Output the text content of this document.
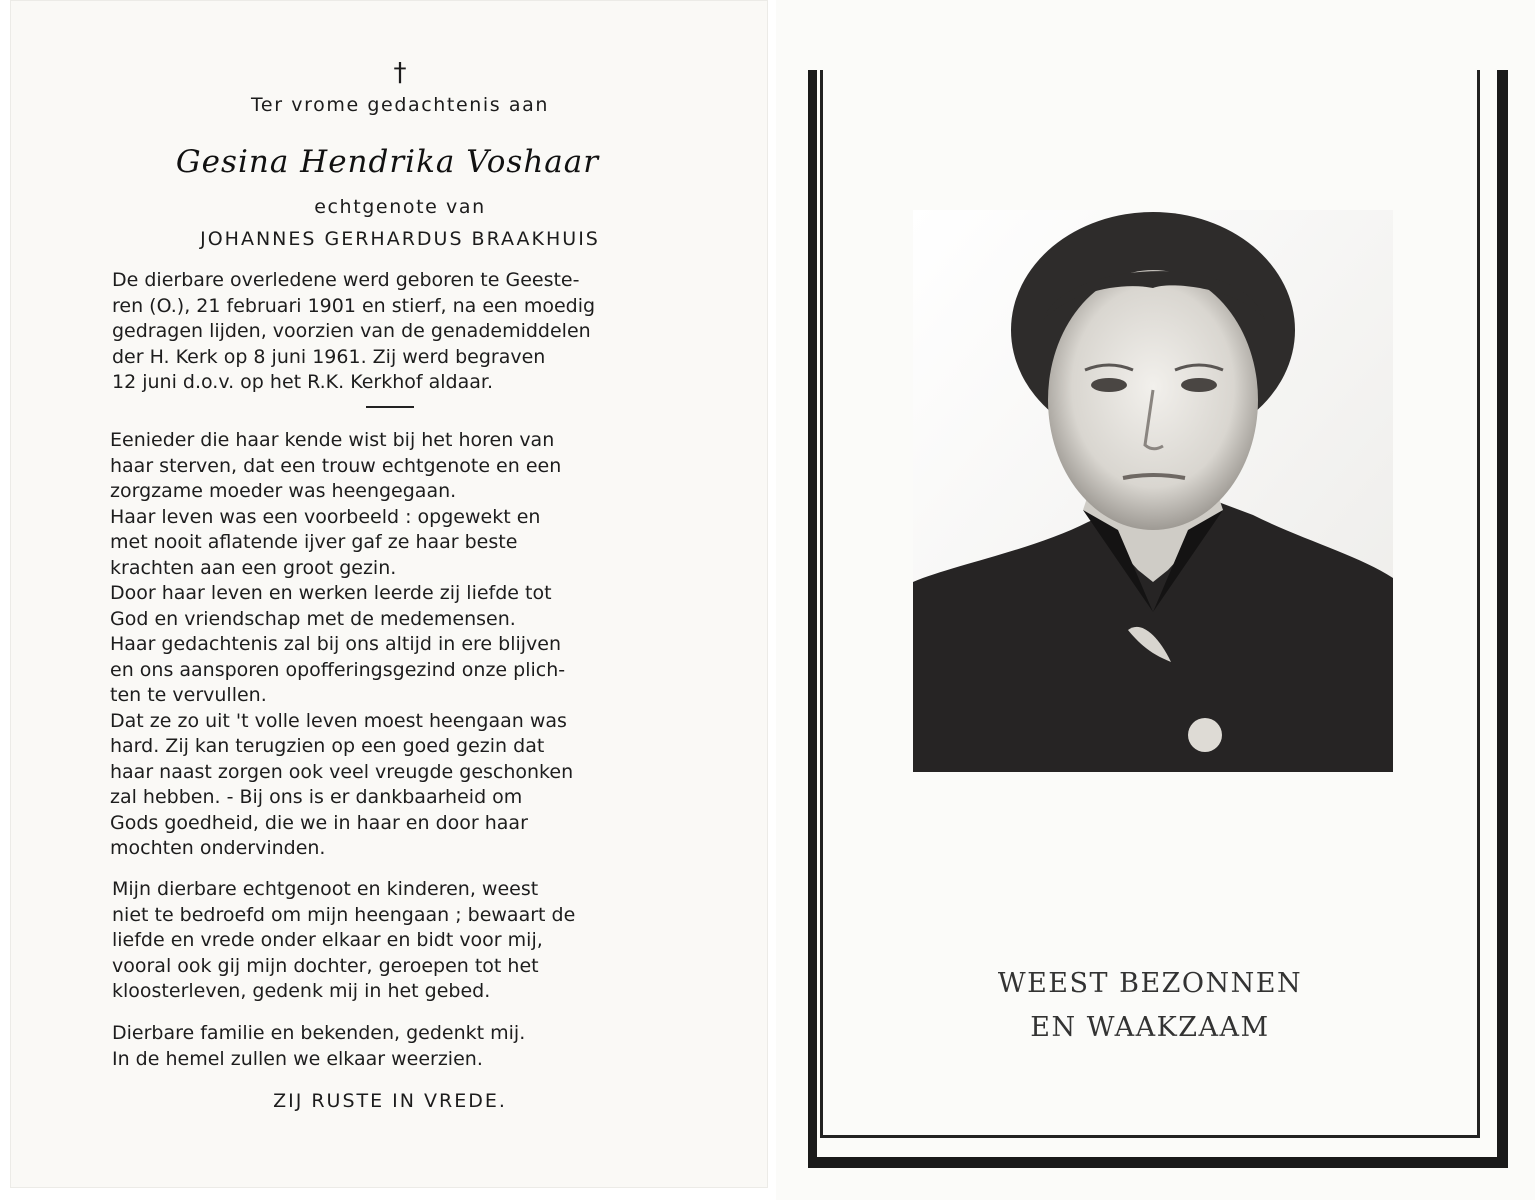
†
Ter vrome gedachtenis aan
Gesina Hendrika Voshaar
echtgenote van
JOHANNES GERHARDUS BRAAKHUIS
De dierbare overledene werd geboren te Geeste-
ren (O.), 21 februari 1901 en stierf, na een moedig
gedragen lijden, voorzien van de genademiddelen
der H. Kerk op 8 juni 1961. Zij werd begraven
12 juni d.o.v. op het R.K. Kerkhof aldaar.
Eenieder die haar kende wist bij het horen van
haar sterven, dat een trouw echtgenote en een
zorgzame moeder was heengegaan.
Haar leven was een voorbeeld : opgewekt en
met nooit aflatende ijver gaf ze haar beste
krachten aan een groot gezin.
Door haar leven en werken leerde zij liefde tot
God en vriendschap met de medemensen.
Haar gedachtenis zal bij ons altijd in ere blijven
en ons aansporen opofferingsgezind onze plich-
ten te vervullen.
Dat ze zo uit 't volle leven moest heengaan was
hard. Zij kan terugzien op een goed gezin dat
haar naast zorgen ook veel vreugde geschonken
zal hebben. - Bij ons is er dankbaarheid om
Gods goedheid, die we in haar en door haar
mochten ondervinden.
Mijn dierbare echtgenoot en kinderen, weest
niet te bedroefd om mijn heengaan ; bewaart de
liefde en vrede onder elkaar en bidt voor mij,
vooral ook gij mijn dochter, geroepen tot het
kloosterleven, gedenk mij in het gebed.
Dierbare familie en bekenden, gedenkt mij.
In de hemel zullen we elkaar weerzien.
ZIJ RUSTE IN VREDE.
WEEST BEZONNEN
EN WAAKZAAM
